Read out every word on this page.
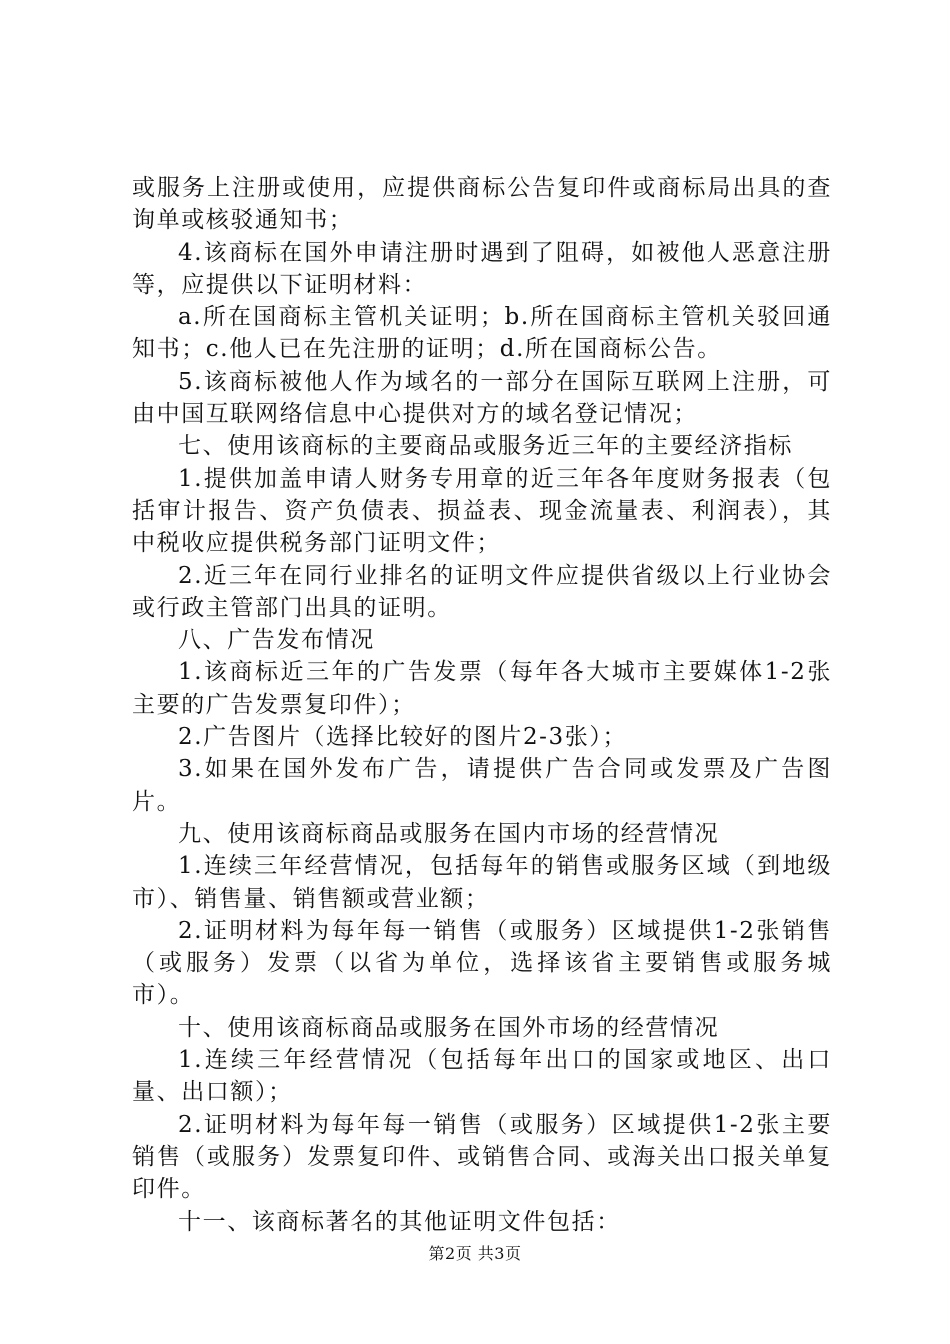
或服务上注册或使用，应提供商标公告复印件或商标局出具的查询单或核驳通知书；

4.该商标在国外申请注册时遇到了阻碍，如被他人恶意注册等，应提供以下证明材料：

a.所在国商标主管机关证明；b.所在国商标主管机关驳回通知书；c.他人已在先注册的证明；d.所在国商标公告。

5.该商标被他人作为域名的一部分在国际互联网上注册，可由中国互联网络信息中心提供对方的域名登记情况；

七、使用该商标的主要商品或服务近三年的主要经济指标

1.提供加盖申请人财务专用章的近三年各年度财务报表（包括审计报告、资产负债表、损益表、现金流量表、利润表），其中税收应提供税务部门证明文件；

2.近三年在同行业排名的证明文件应提供省级以上行业协会或行政主管部门出具的证明。

八、广告发布情况

1.该商标近三年的广告发票（每年各大城市主要媒体1-2张主要的广告发票复印件）；

2.广告图片（选择比较好的图片2-3张）；

3.如果在国外发布广告，请提供广告合同或发票及广告图片。

九、使用该商标商品或服务在国内市场的经营情况

1.连续三年经营情况，包括每年的销售或服务区域（到地级市）、销售量、销售额或营业额；

2.证明材料为每年每一销售（或服务）区域提供1-2张销售（或服务）发票（以省为单位，选择该省主要销售或服务城市）。

十、使用该商标商品或服务在国外市场的经营情况

1.连续三年经营情况（包括每年出口的国家或地区、出口量、出口额）；

2.证明材料为每年每一销售（或服务）区域提供1-2张主要销售（或服务）发票复印件、或销售合同、或海关出口报关单复印件。

十一、该商标著名的其他证明文件包括：

第2页 共3页
